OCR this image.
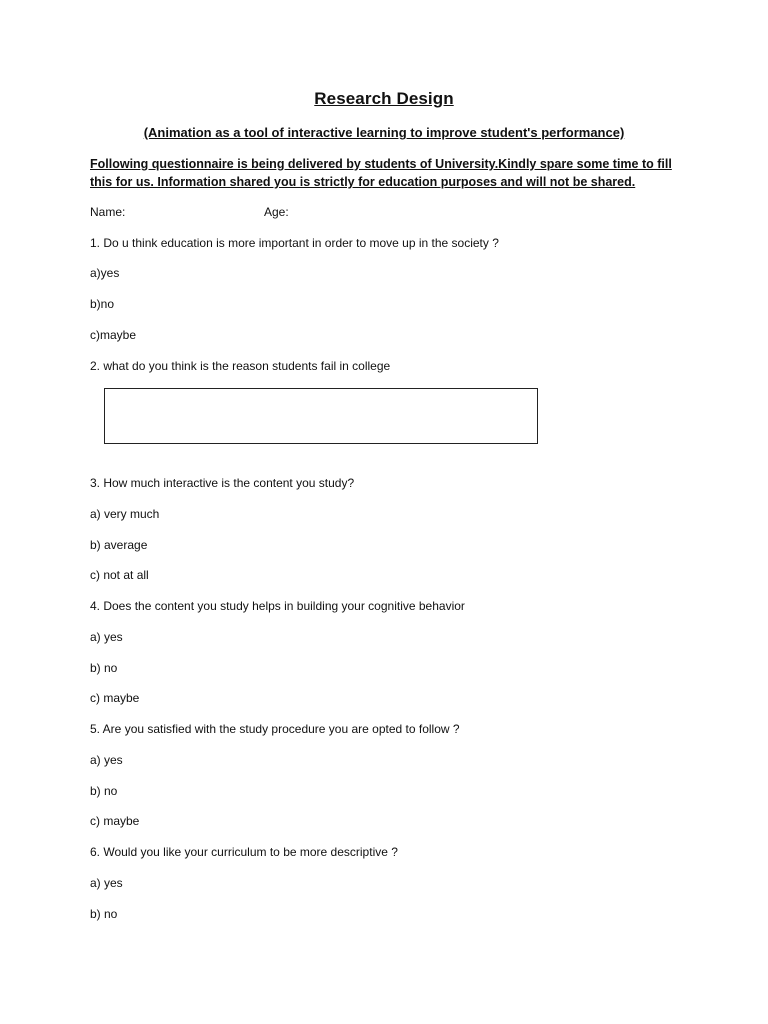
Research Design
(Animation as a tool of interactive learning to improve student's performance)
Following questionnaire is being delivered by students of University.Kindly spare some time to fill this for us. Information shared you is strictly for education purposes and will not be shared.
Name:	Age:
1. Do u think education is more important in order to move up in the society ?
a)yes
b)no
c)maybe
2. what do you think is the reason students fail in college
3. How much interactive is the content you study?
a) very much
b) average
c) not at all
4. Does the content you study helps in building your cognitive behavior
a) yes
b) no
c) maybe
5. Are you satisfied with the study procedure you are opted to follow ?
a) yes
b) no
c) maybe
6. Would you like your curriculum to be more descriptive ?
a) yes
b) no
